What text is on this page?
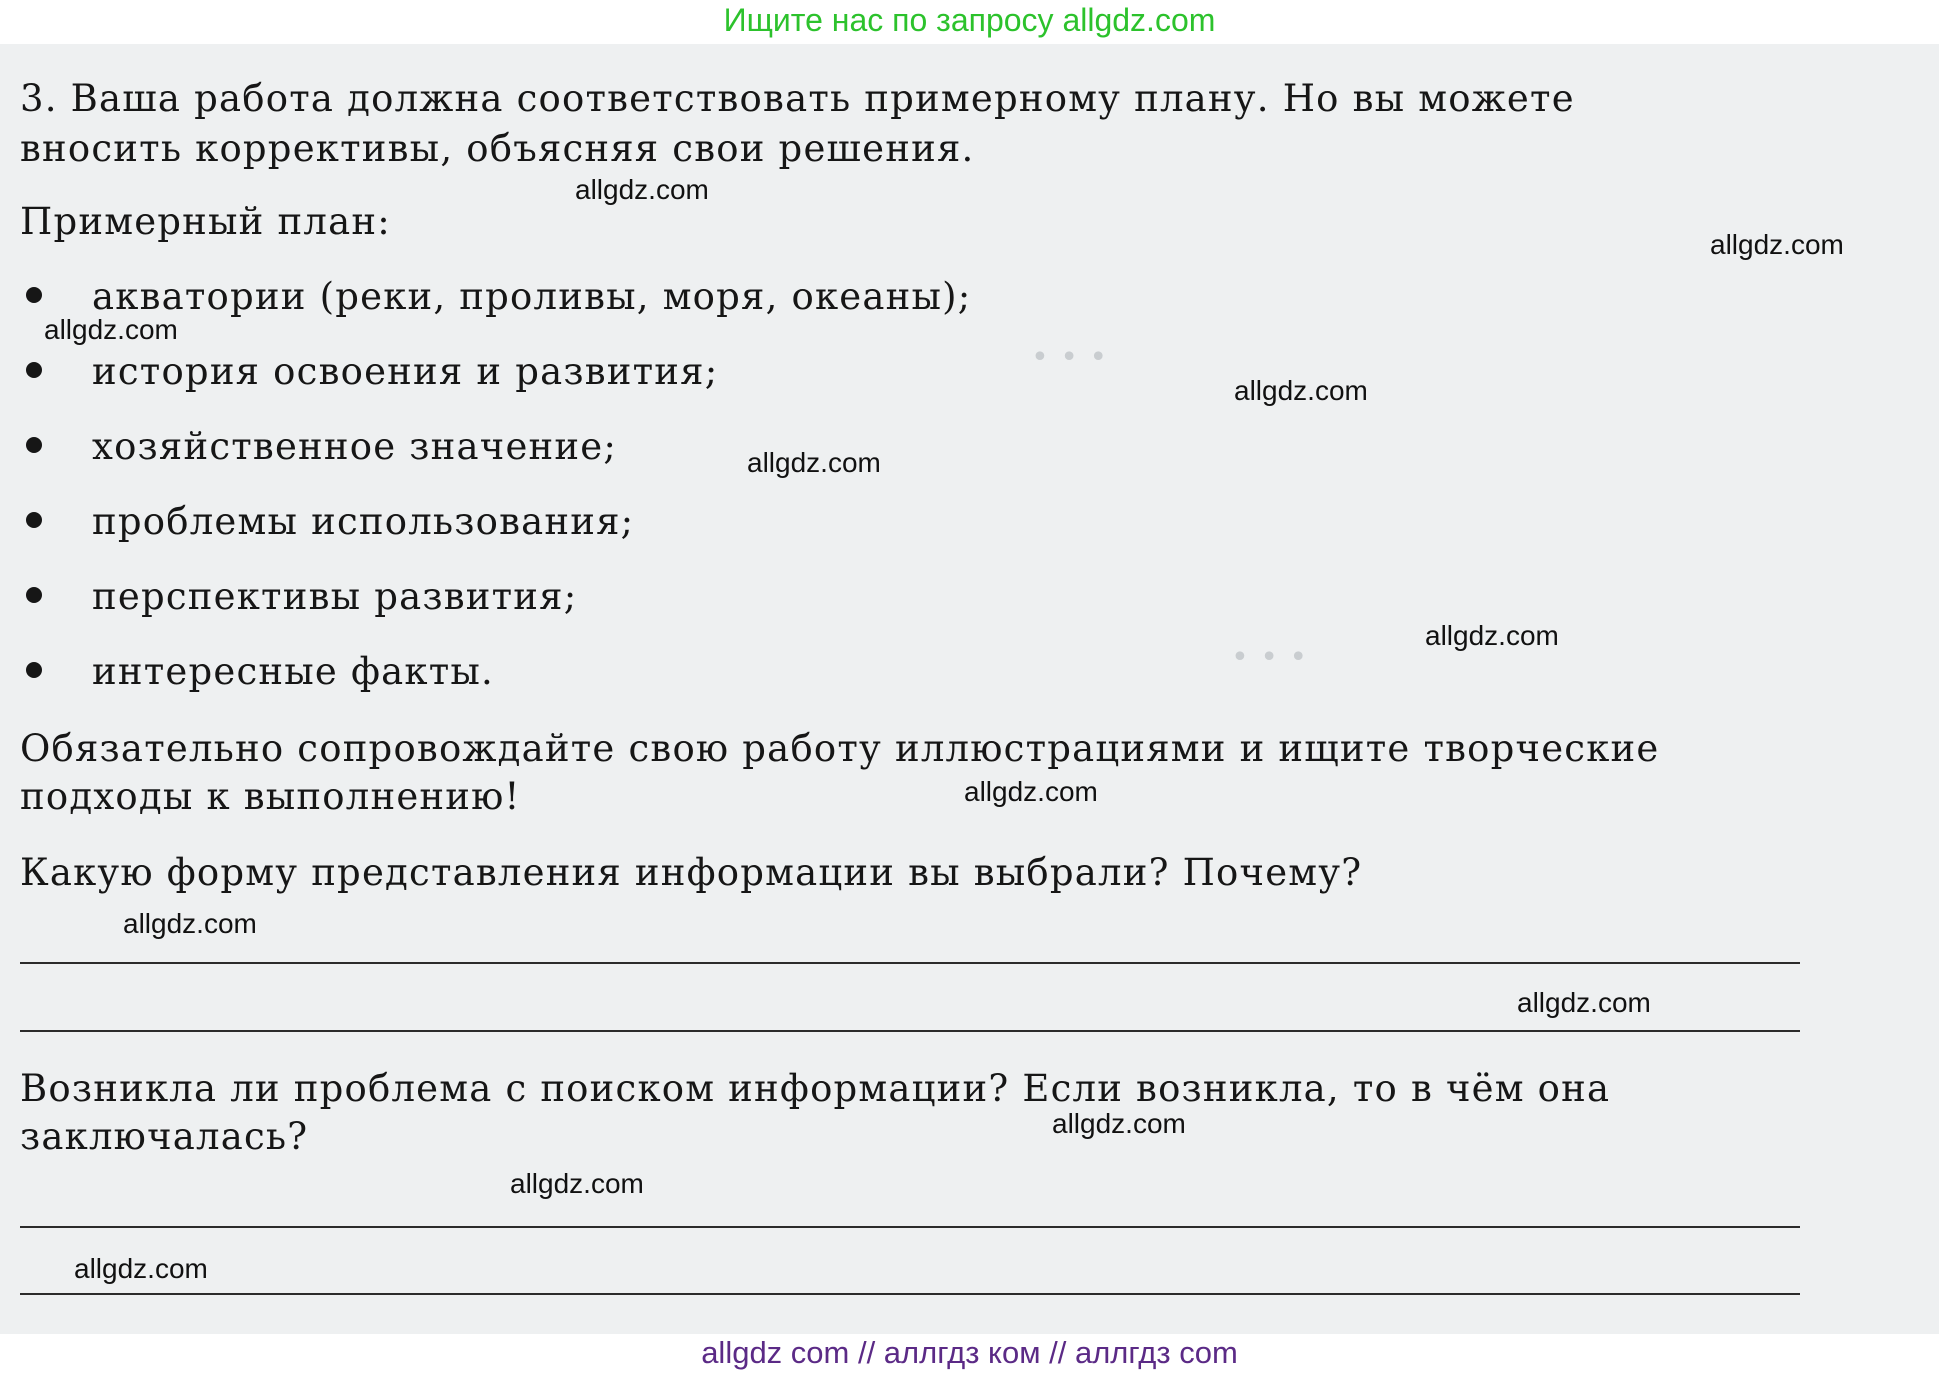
• • •
• • •
Ищите нас по запросу allgdz.com
3. Ваша работа должна соответствовать примерному плану. Но вы можете
вносить коррективы, объясняя свои решения.
Примерный план:
акватории (реки, проливы, моря, океаны);
история освоения и развития;
хозяйственное значение;
проблемы использования;
перспективы развития;
интересные факты.
Обязательно сопровождайте свою работу иллюстрациями и ищите творческие
подходы к выполнению!
Какую форму представления информации вы выбрали? Почему?
Возникла ли проблема с поиском информации? Если возникла, то в чём она
заключалась?
allgdz.com
allgdz.com
allgdz.com
allgdz.com
allgdz.com
allgdz.com
allgdz.com
allgdz.com
allgdz.com
allgdz.com
allgdz.com
allgdz.com
allgdz com // аллгдз ком // аллгдз com
